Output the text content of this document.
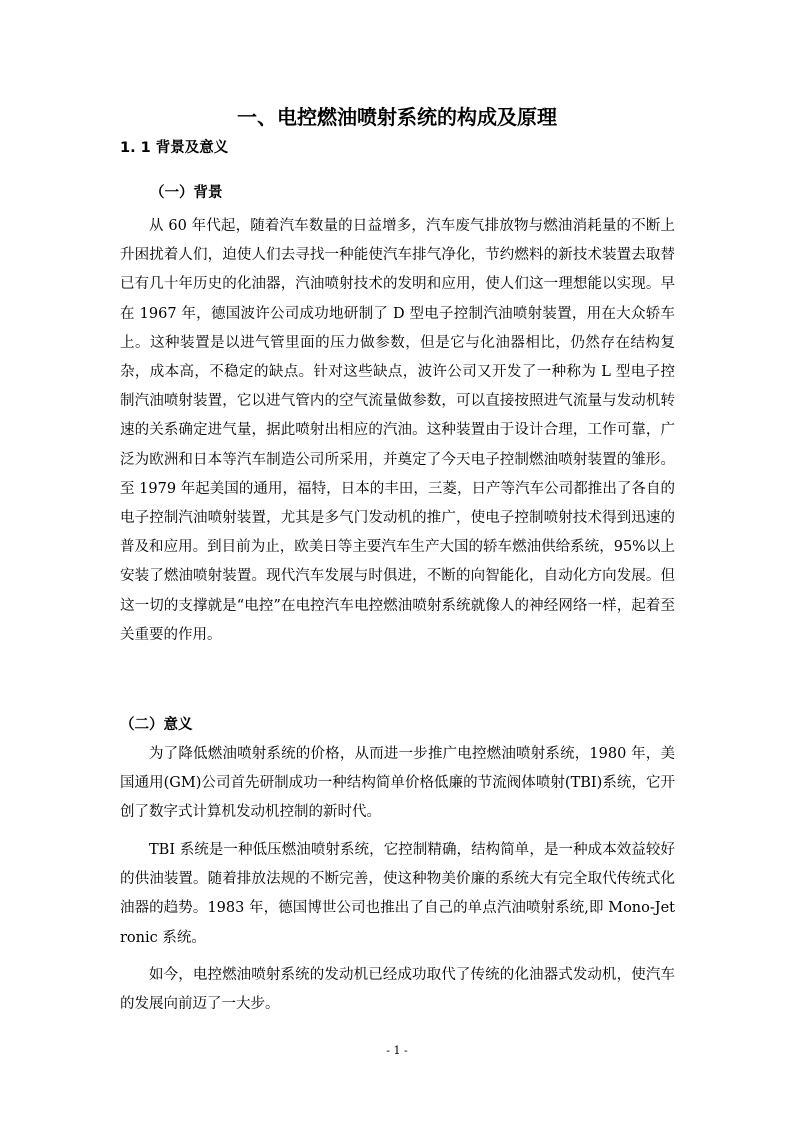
一、电控燃油喷射系统的构成及原理
1. 1 背景及意义
（一）背景

从 60 年代起，随着汽车数量的日益增多，汽车废气排放物与燃油消耗量的不断上升困扰着人们，迫使人们去寻找一种能使汽车排气净化，节约燃料的新技术装置去取替已有几十年历史的化油器，汽油喷射技术的发明和应用，使人们这一理想能以实现。早在 1967 年，德国波许公司成功地研制了 D 型电子控制汽油喷射装置，用在大众轿车上。这种装置是以进气管里面的压力做参数，但是它与化油器相比，仍然存在结构复杂，成本高，不稳定的缺点。针对这些缺点，波许公司又开发了一种称为 L 型电子控制汽油喷射装置，它以进气管内的空气流量做参数，可以直接按照进气流量与发动机转速的关系确定进气量，据此喷射出相应的汽油。这种装置由于设计合理，工作可靠，广泛为欧洲和日本等汽车制造公司所采用，并奠定了今天电子控制燃油喷射装置的雏形。至 1979 年起美国的通用，福特，日本的丰田，三菱，日产等汽车公司都推出了各自的电子控制汽油喷射装置，尤其是多气门发动机的推广，使电子控制喷射技术得到迅速的普及和应用。到目前为止，欧美日等主要汽车生产大国的轿车燃油供给系统，95%以上安装了燃油喷射装置。现代汽车发展与时俱进，不断的向智能化，自动化方向发展。但这一切的支撑就是“电控”在电控汽车电控燃油喷射系统就像人的神经网络一样，起着至关重要的作用。

（二）意义

为了降低燃油喷射系统的价格，从而进一步推广电控燃油喷射系统，1980 年，美国通用(GM)公司首先研制成功一种结构简单价格低廉的节流阀体喷射(TBI)系统，它开创了数字式计算机发动机控制的新时代。

TBI 系统是一种低压燃油喷射系统，它控制精确，结构简单，是一种成本效益较好的供油装置。随着排放法规的不断完善，使这种物美价廉的系统大有完全取代传统式化油器的趋势。1983 年，德国博世公司也推出了自己的单点汽油喷射系统,即 Mono-Jetronic 系统。

如今，电控燃油喷射系统的发动机已经成功取代了传统的化油器式发动机，使汽车的发展向前迈了一大步。

- 1 -
